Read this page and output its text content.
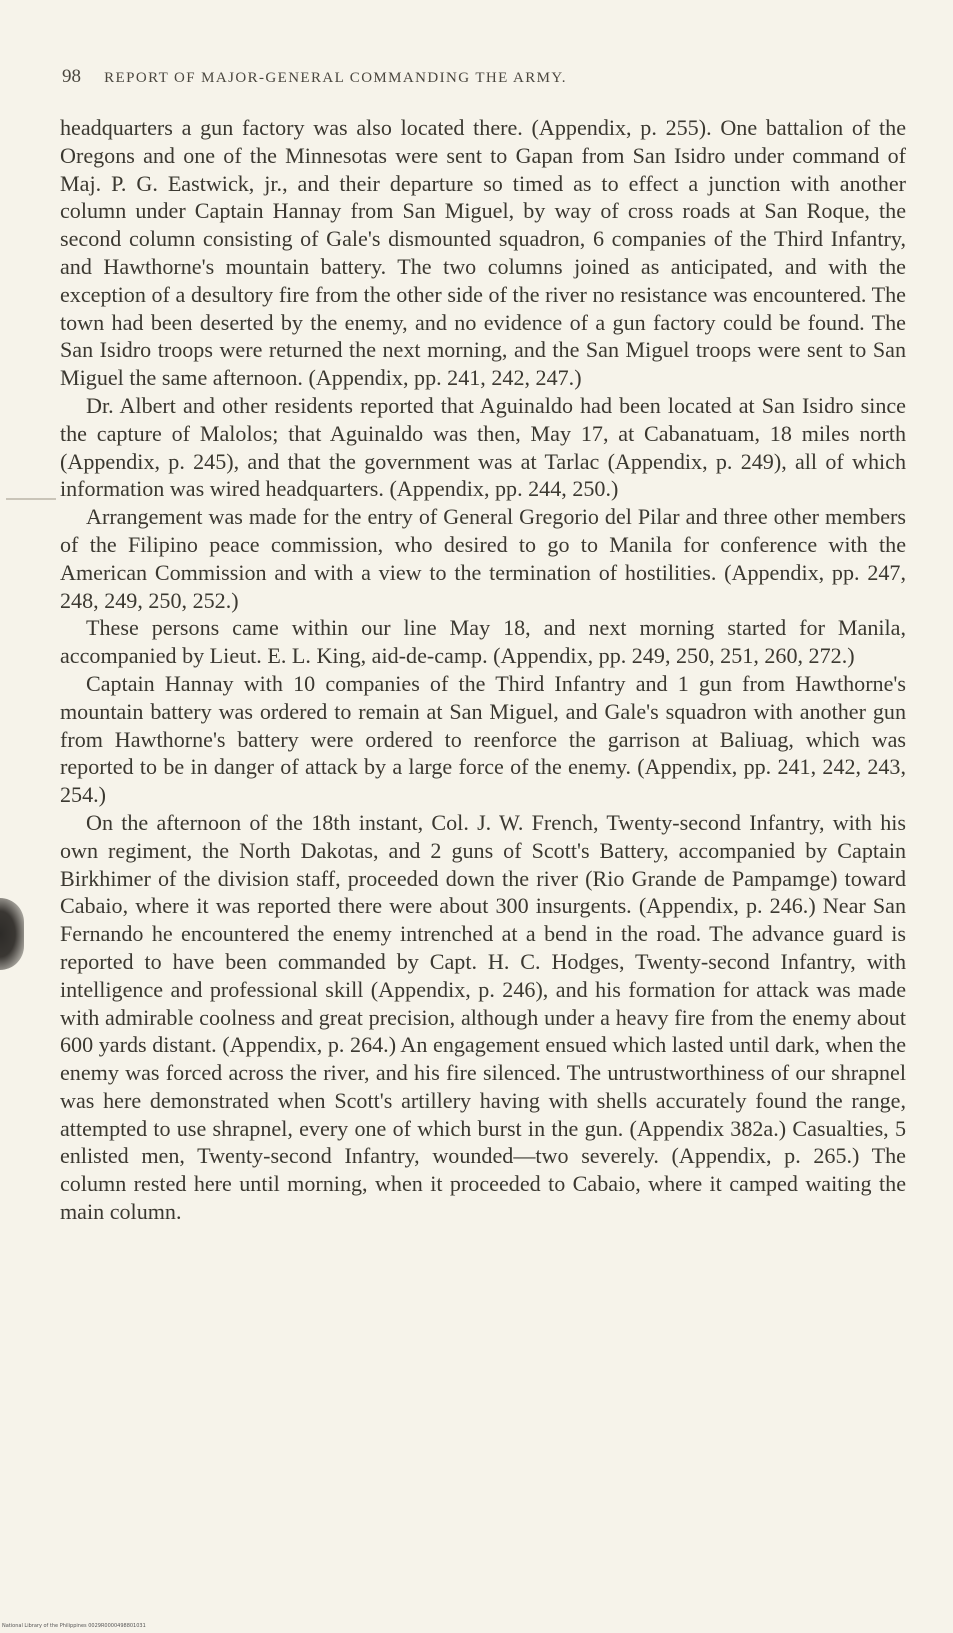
98 REPORT OF MAJOR-GENERAL COMMANDING THE ARMY.

headquarters a gun factory was also located there. (Appendix, p. 255). One battalion of the Oregons and one of the Minnesotas were sent to Gapan from San Isidro under command of Maj. P. G. Eastwick, jr., and their departure so timed as to effect a junction with another column under Captain Hannay from San Miguel, by way of cross roads at San Roque, the second column consisting of Gale's dismounted squadron, 6 companies of the Third Infantry, and Hawthorne's mountain battery. The two columns joined as anticipated, and with the exception of a desultory fire from the other side of the river no resistance was encountered. The town had been deserted by the enemy, and no evidence of a gun factory could be found. The San Isidro troops were returned the next morning, and the San Miguel troops were sent to San Miguel the same afternoon. (Appendix, pp. 241, 242, 247.)

Dr. Albert and other residents reported that Aguinaldo had been located at San Isidro since the capture of Malolos; that Aguinaldo was then, May 17, at Cabanatuam, 18 miles north (Appendix, p. 245), and that the government was at Tarlac (Appendix, p. 249), all of which information was wired headquarters. (Appendix, pp. 244, 250.)

Arrangement was made for the entry of General Gregorio del Pilar and three other members of the Filipino peace commission, who desired to go to Manila for conference with the American Commission and with a view to the termination of hostilities. (Appendix, pp. 247, 248, 249, 250, 252.)

These persons came within our line May 18, and next morning started for Manila, accompanied by Lieut. E. L. King, aid-de-camp. (Appendix, pp. 249, 250, 251, 260, 272.)

Captain Hannay with 10 companies of the Third Infantry and 1 gun from Hawthorne's mountain battery was ordered to remain at San Miguel, and Gale's squadron with another gun from Hawthorne's battery were ordered to reenforce the garrison at Baliuag, which was reported to be in danger of attack by a large force of the enemy. (Appendix, pp. 241, 242, 243, 254.)

On the afternoon of the 18th instant, Col. J. W. French, Twenty-second Infantry, with his own regiment, the North Dakotas, and 2 guns of Scott's Battery, accompanied by Captain Birkhimer of the division staff, proceeded down the river (Rio Grande de Pampamge) toward Cabaio, where it was reported there were about 300 insurgents. (Appendix, p. 246.) Near San Fernando he encountered the enemy intrenched at a bend in the road. The advance guard is reported to have been commanded by Capt. H. C. Hodges, Twenty-second Infantry, with intelligence and professional skill (Appendix, p. 246), and his formation for attack was made with admirable coolness and great precision, although under a heavy fire from the enemy about 600 yards distant. (Appendix, p. 264.) An engagement ensued which lasted until dark, when the enemy was forced across the river, and his fire silenced. The untrustworthiness of our shrapnel was here demonstrated when Scott's artillery having with shells accurately found the range, attempted to use shrapnel, every one of which burst in the gun. (Appendix 382a.) Casualties, 5 enlisted men, Twenty-second Infantry, wounded—two severely. (Appendix, p. 265.) The column rested here until morning, when it proceeded to Cabaio, where it camped waiting the main column.

National Library of the Philippines 0029R0000498801031
